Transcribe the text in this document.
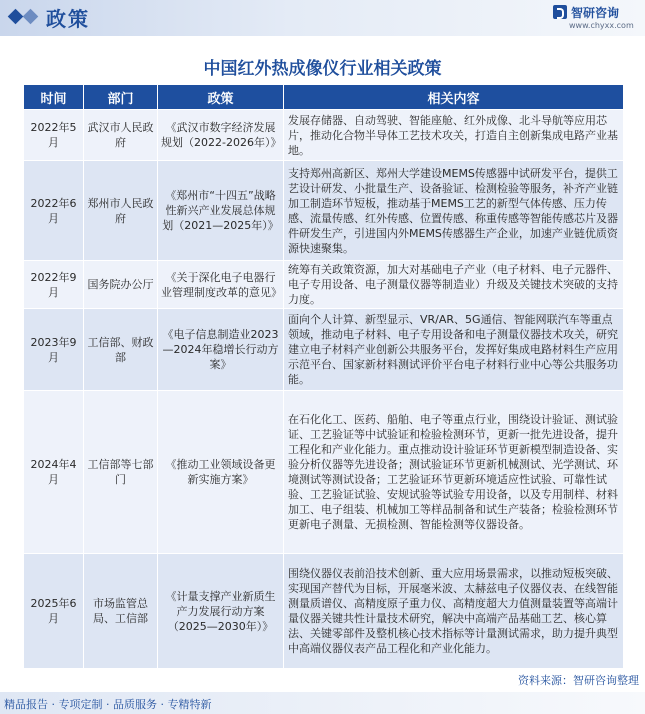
政策	智研咨询
www.chyxx.com
中国红外热成像仪行业相关政策
时间	部门	政策	相关内容
2022年5月	武汉市人民政府	《武汉市数字经济发展规划（2022-2026年）》	发展存储器、自动驾驶、智能座舱、红外成像、北斗导航等应用芯片，推动化合物半导体工艺技术攻关，打造自主创新集成电路产业基地。
2022年6月	郑州市人民政府	《郑州市“十四五”战略性新兴产业发展总体规划（2021—2025年）》	支持郑州高新区、郑州大学建设MEMS传感器中试研发平台，提供工艺设计研发、小批量生产、设备验证、检测检验等服务，补齐产业链加工制造环节短板，推动基于MEMS工艺的新型气体传感、压力传感、流量传感、红外传感、位置传感、称重传感等智能传感芯片及器件研发生产，引进国内外MEMS传感器生产企业，加速产业链优质资源快速聚集。
2022年9月	国务院办公厅	《关于深化电子电器行业管理制度改革的意见》	统筹有关政策资源，加大对基础电子产业（电子材料、电子元器件、电子专用设备、电子测量仪器等制造业）升级及关键技术突破的支持力度。
2023年9月	工信部、财政部	《电子信息制造业2023—2024年稳增长行动方案》	面向个人计算、新型显示、VR/AR、5G通信、智能网联汽车等重点领域，推动电子材料、电子专用设备和电子测量仪器技术攻关，研究建立电子材料产业创新公共服务平台，发挥好集成电路材料生产应用示范平台、国家新材料测试评价平台电子材料行业中心等公共服务功能。
2024年4月	工信部等七部门	《推动工业领域设备更新实施方案》	在石化化工、医药、船舶、电子等重点行业，围绕设计验证、测试验证、工艺验证等中试验证和检验检测环节，更新一批先进设备，提升工程化和产业化能力。重点推动设计验证环节更新模型制造设备、实验分析仪器等先进设备；测试验证环节更新机械测试、光学测试、环境测试等测试设备；工艺验证环节更新环境适应性试验、可靠性试验、工艺验证试验、安规试验等试验专用设备，以及专用制样、材料加工、电子组装、机械加工等样品制备和试生产装备；检验检测环节更新电子测量、无损检测、智能检测等仪器设备。
2025年6月	市场监管总局、工信部	《计量支撑产业新质生产力发展行动方案（2025—2030年）》	围绕仪器仪表前沿技术创新、重大应用场景需求，以推动短板突破、实现国产替代为目标，开展毫米波、太赫兹电子仪器仪表、在线智能测量质谱仪、高精度原子重力仪、高精度超大力值测量装置等高端计量仪器关键共性计量技术研究，解决中高端产品基础工艺、核心算法、关键零部件及整机核心技术指标等计量测试需求，助力提升典型中高端仪器仪表产品工程化和产业化能力。
资料来源：智研咨询整理
精品报告 · 专项定制 · 品质服务 · 专精特新
